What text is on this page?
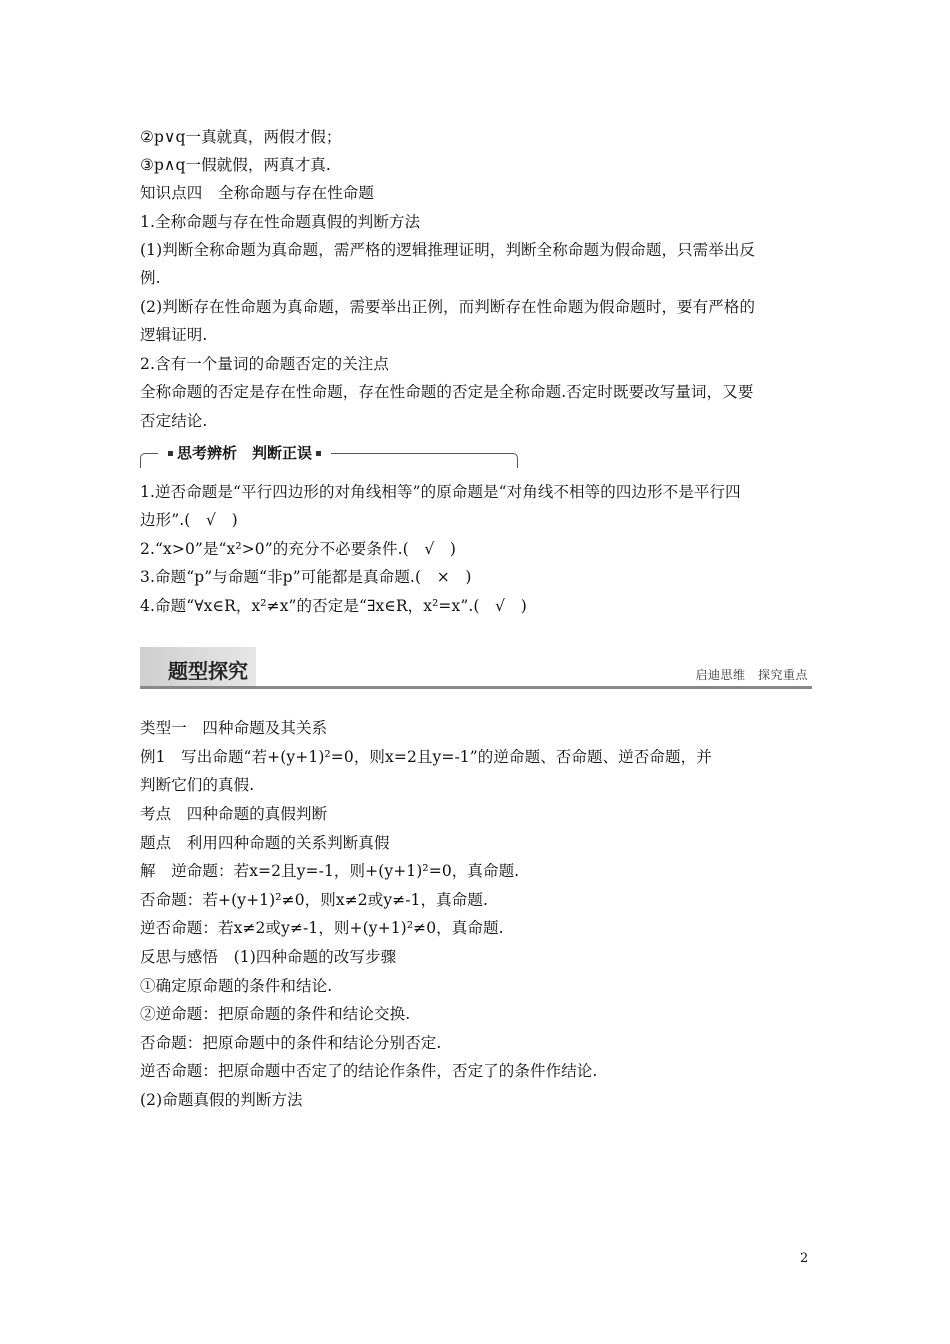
②p∨q一真就真，两假才假；
③p∧q一假就假，两真才真.
知识点四　全称命题与存在性命题
1.全称命题与存在性命题真假的判断方法
(1)判断全称命题为真命题，需严格的逻辑推理证明，判断全称命题为假命题，只需举出反
例.
(2)判断存在性命题为真命题，需要举出正例，而判断存在性命题为假命题时，要有严格的
逻辑证明.
2.含有一个量词的命题否定的关注点
全称命题的否定是存在性命题，存在性命题的否定是全称命题.否定时既要改写量词，又要
否定结论.
思考辨析　判断正误
1.逆否命题是“平行四边形的对角线相等”的原命题是“对角线不相等的四边形不是平行四
边形”.(　√　)
2.“x>0”是“x²>0”的充分不必要条件.(　√　)
3.命题“p”与命题“非p”可能都是真命题.(　×　)
4.命题“∀x∈R，x²≠x”的否定是“∃x∈R，x²=x”.(　√　)
题型探究	启迪思维　探究重点
类型一　四种命题及其关系
例1　写出命题“若+(y+1)²=0，则x=2且y=-1”的逆命题、否命题、逆否命题，并
判断它们的真假.
考点　四种命题的真假判断
题点　利用四种命题的关系判断真假
解　逆命题：若x=2且y=-1，则+(y+1)²=0，真命题.
否命题：若+(y+1)²≠0，则x≠2或y≠-1，真命题.
逆否命题：若x≠2或y≠-1，则+(y+1)²≠0，真命题.
反思与感悟　(1)四种命题的改写步骤
①确定原命题的条件和结论.
②逆命题：把原命题的条件和结论交换.
否命题：把原命题中的条件和结论分别否定.
逆否命题：把原命题中否定了的结论作条件，否定了的条件作结论.
(2)命题真假的判断方法
2
